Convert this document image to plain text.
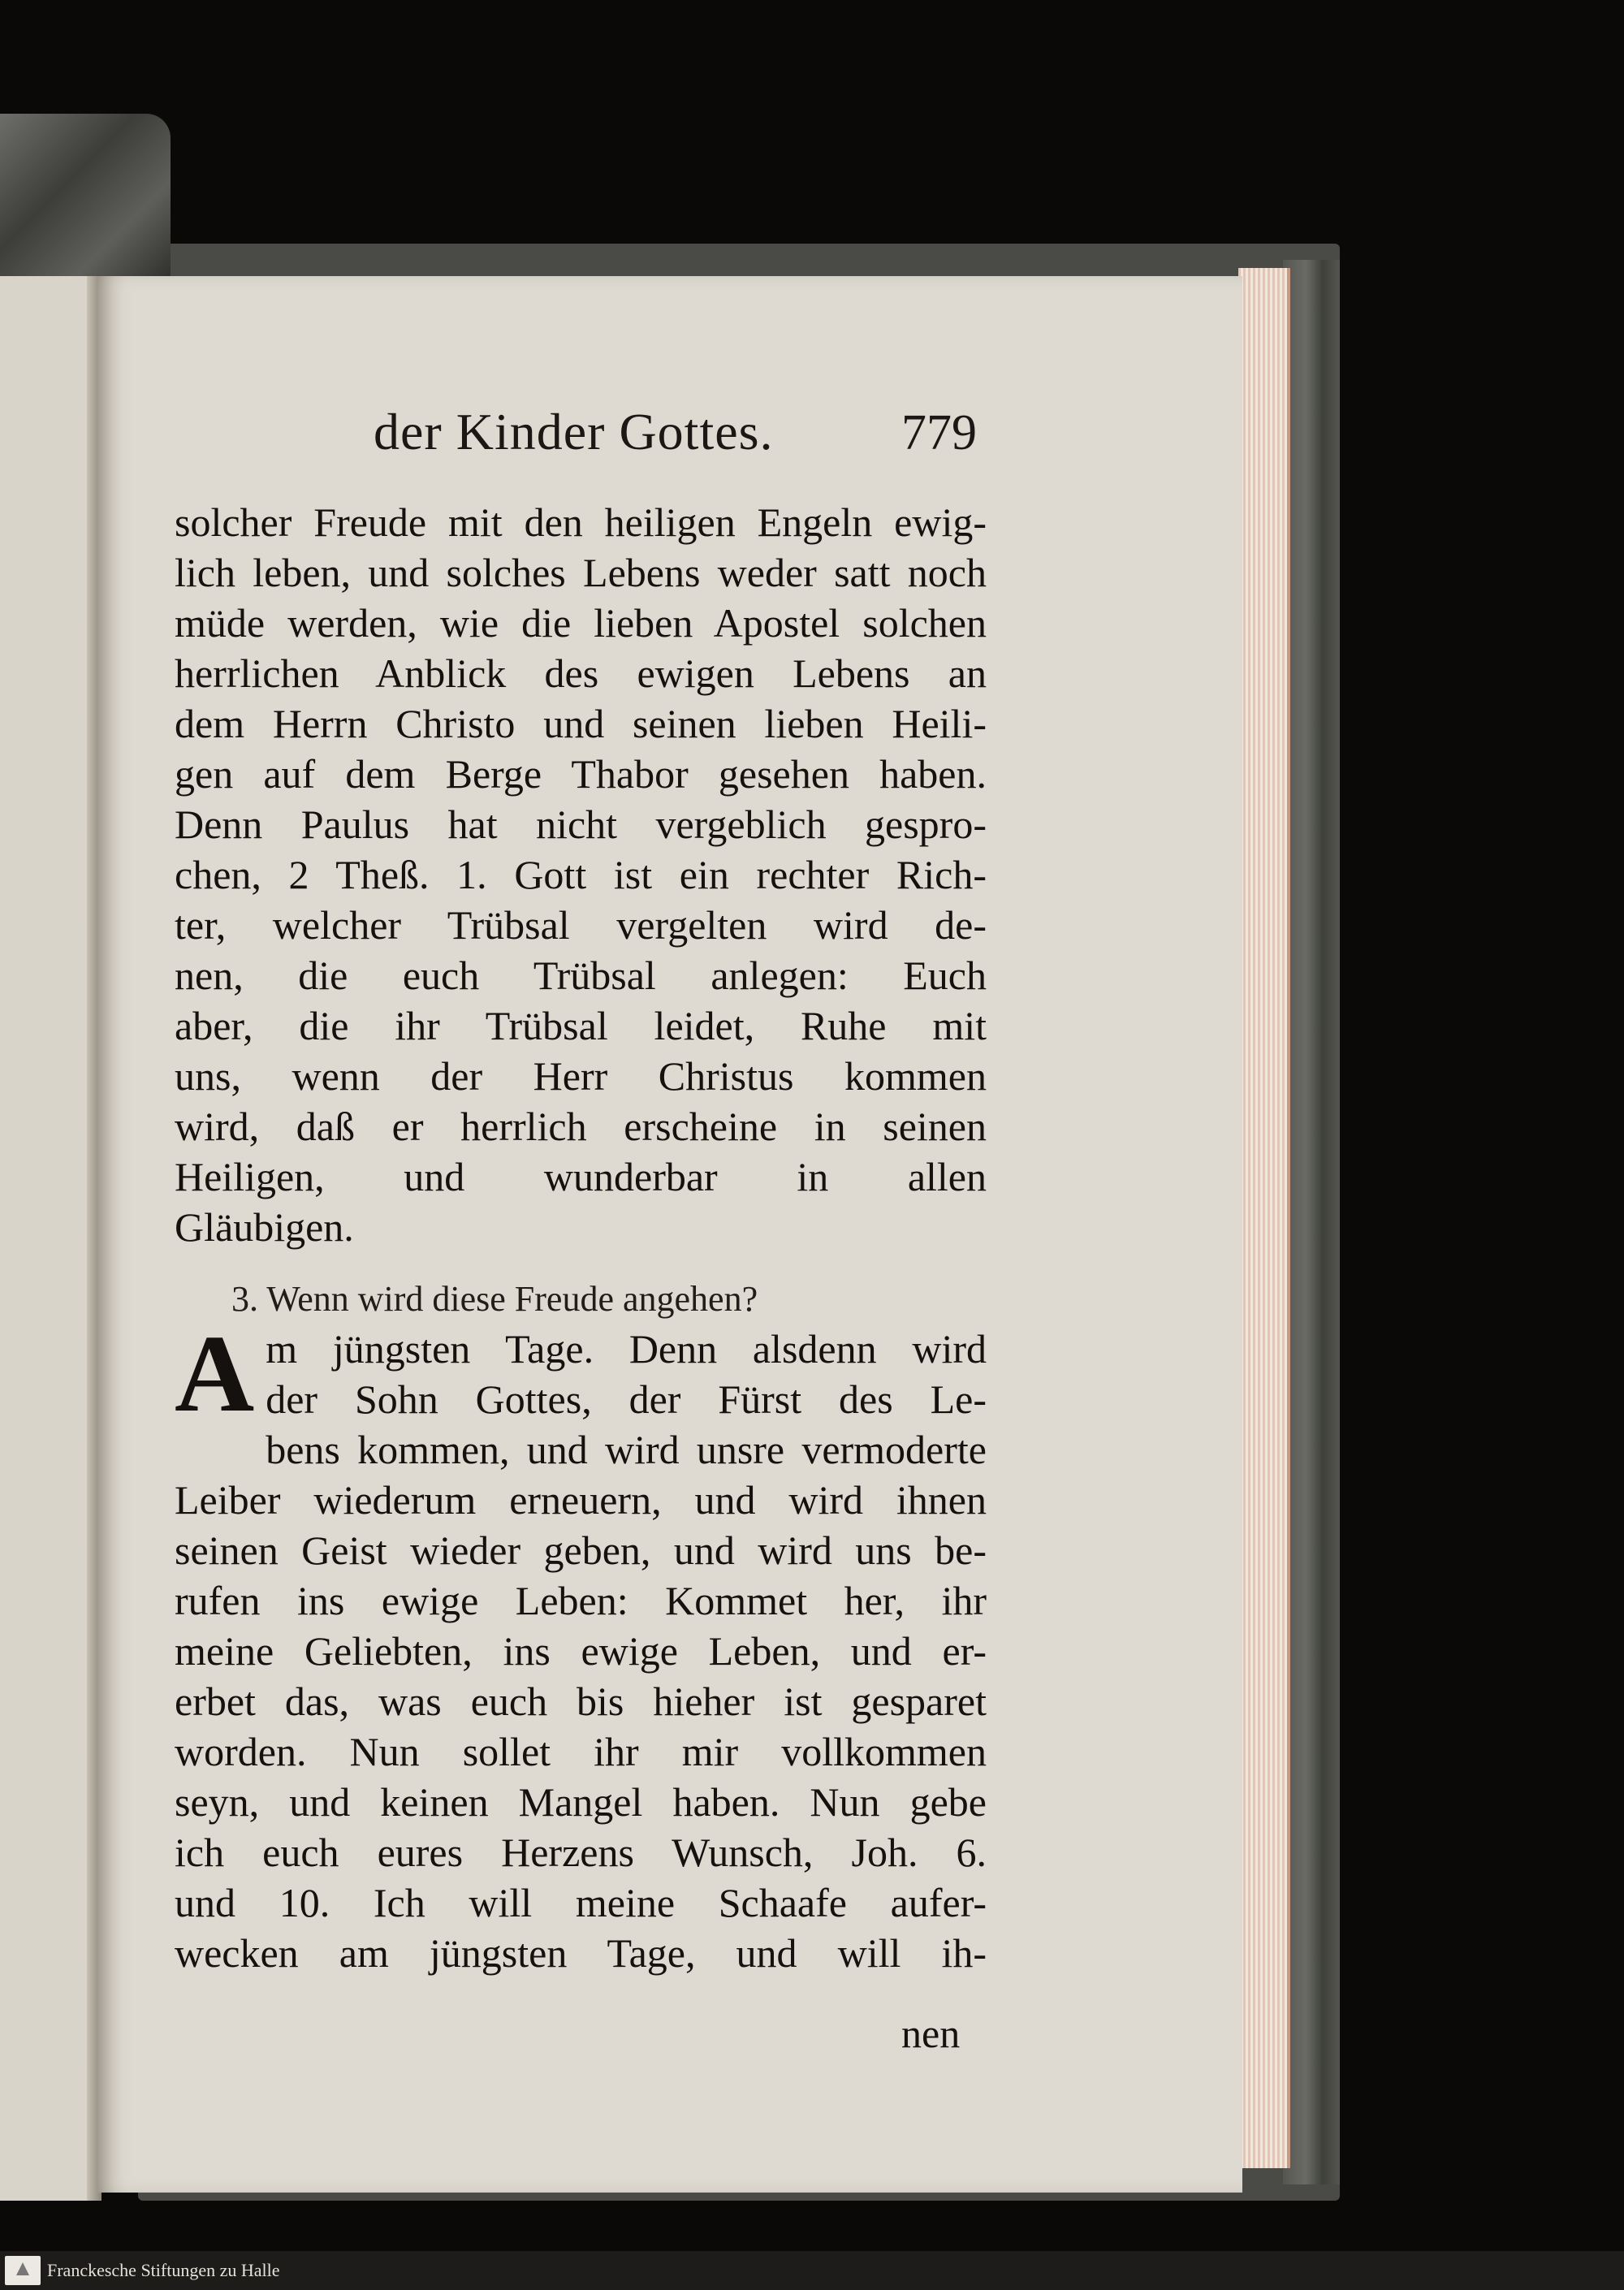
der Kinder Gottes.	779
solcher Freude mit den heiligen Engeln ewig-
lich leben, und solches Lebens weder satt noch
müde werden, wie die lieben Apostel solchen
herrlichen Anblick des ewigen Lebens an
dem Herrn Christo und seinen lieben Heili-
gen auf dem Berge Thabor gesehen haben.
Denn Paulus hat nicht vergeblich gespro-
chen, 2 Theß. 1. Gott ist ein rechter Rich-
ter, welcher Trübsal vergelten wird de-
nen, die euch Trübsal anlegen: Euch
aber, die ihr Trübsal leidet, Ruhe mit
uns, wenn der Herr Christus kommen
wird, daß er herrlich erscheine in seinen
Heiligen, und wunderbar in allen
Gläubigen.
3. Wenn wird diese Freude angehen?
A m jüngsten Tage. Denn alsdenn wird
der Sohn Gottes, der Fürst des Le-
bens kommen, und wird unsre vermoderte
Leiber wiederum erneuern, und wird ihnen
seinen Geist wieder geben, und wird uns be-
rufen ins ewige Leben: Kommet her, ihr
meine Geliebten, ins ewige Leben, und er-
erbet das, was euch bis hieher ist gesparet
worden. Nun sollet ihr mir vollkommen
seyn, und keinen Mangel haben. Nun gebe
ich euch eures Herzens Wunsch, Joh. 6.
und 10. Ich will meine Schaafe aufer-
wecken am jüngsten Tage, und will ih-
nen
Franckesche Stiftungen zu Halle
